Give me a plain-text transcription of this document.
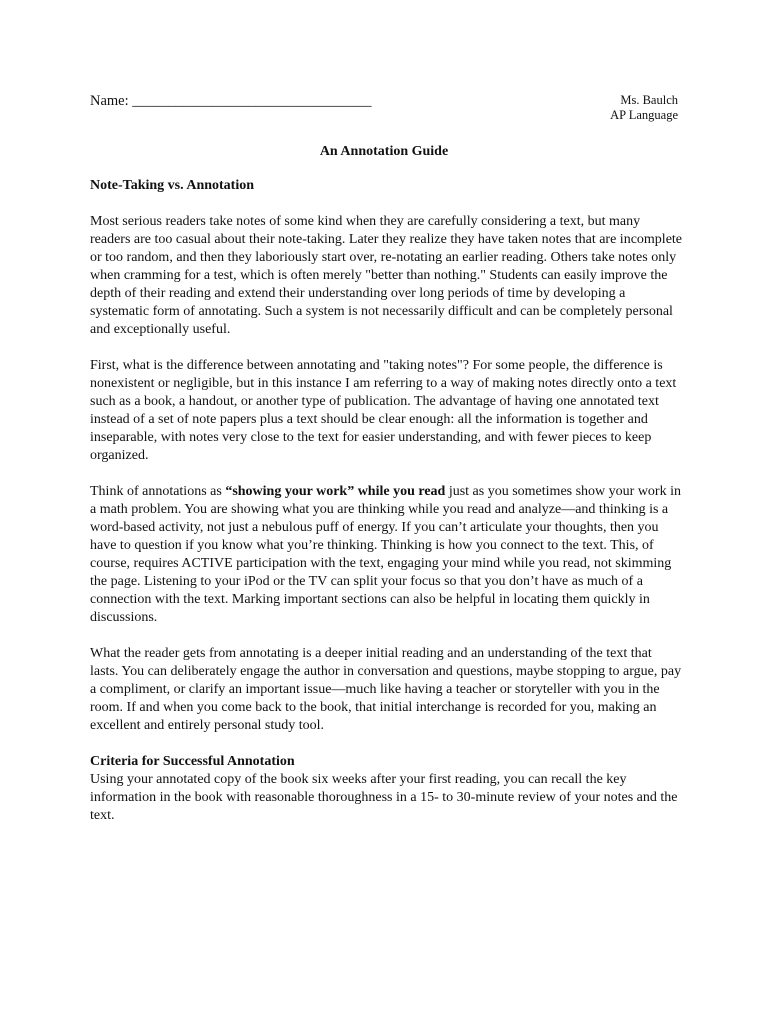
Name: _________________________________	Ms. Baulch
AP Language
An Annotation Guide
Note-Taking vs. Annotation

Most serious readers take notes of some kind when they are carefully considering a text, but many readers are too casual about their note-taking. Later they realize they have taken notes that are incomplete or too random, and then they laboriously start over, re-notating an earlier reading. Others take notes only when cramming for a test, which is often merely "better than nothing." Students can easily improve the depth of their reading and extend their understanding over long periods of time by developing a systematic form of annotating. Such a system is not necessarily difficult and can be completely personal and exceptionally useful.

First, what is the difference between annotating and "taking notes"? For some people, the difference is nonexistent or negligible, but in this instance I am referring to a way of making notes directly onto a text such as a book, a handout, or another type of publication. The advantage of having one annotated text instead of a set of note papers plus a text should be clear enough: all the information is together and inseparable, with notes very close to the text for easier understanding, and with fewer pieces to keep organized.

Think of annotations as “showing your work” while you read just as you sometimes show your work in a math problem. You are showing what you are thinking while you read and analyze—and thinking is a word-based activity, not just a nebulous puff of energy. If you can’t articulate your thoughts, then you have to question if you know what you’re thinking. Thinking is how you connect to the text. This, of course, requires ACTIVE participation with the text, engaging your mind while you read, not skimming the page. Listening to your iPod or the TV can split your focus so that you don’t have as much of a connection with the text. Marking important sections can also be helpful in locating them quickly in discussions.

What the reader gets from annotating is a deeper initial reading and an understanding of the text that lasts. You can deliberately engage the author in conversation and questions, maybe stopping to argue, pay a compliment, or clarify an important issue—much like having a teacher or storyteller with you in the room. If and when you come back to the book, that initial interchange is recorded for you, making an excellent and entirely personal study tool.

Criteria for Successful Annotation

Using your annotated copy of the book six weeks after your first reading, you can recall the key information in the book with reasonable thoroughness in a 15- to 30-minute review of your notes and the text.
